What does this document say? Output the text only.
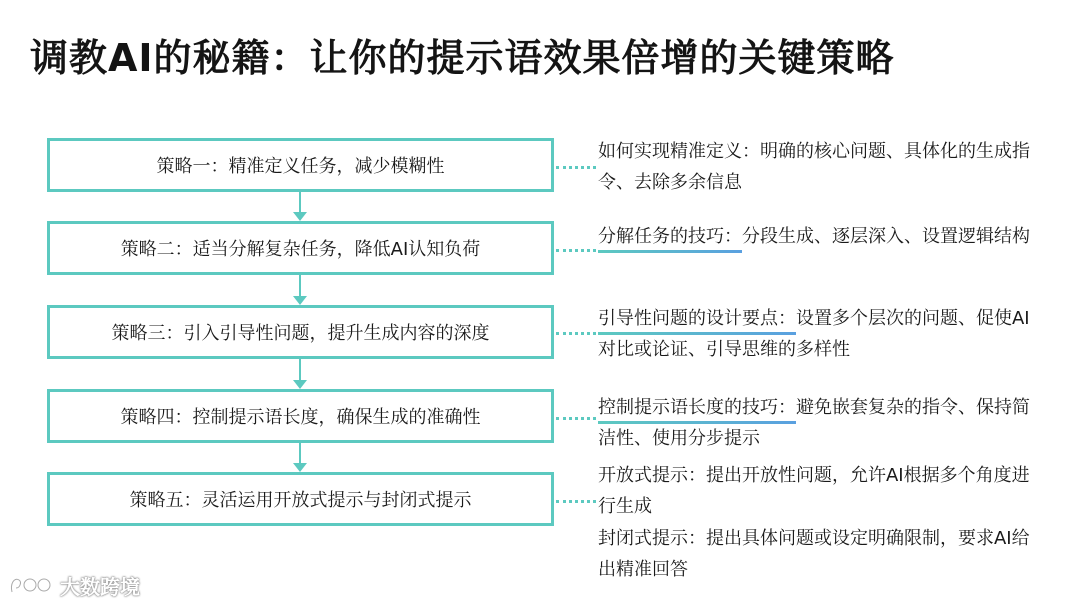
调教AI的秘籍：让你的提示语效果倍增的关键策略
策略一：精准定义任务，减少模糊性
策略二：适当分解复杂任务，降低AI认知负荷
策略三：引入引导性问题，提升生成内容的深度
策略四：控制提示语长度，确保生成的准确性
策略五：灵活运用开放式提示与封闭式提示
如何实现精准定义：明确的核心问题、具体化的生成指令、去除多余信息
分解任务的技巧：分段生成、逐层深入、设置逻辑结构
引导性问题的设计要点：设置多个层次的问题、促使AI对比或论证、引导思维的多样性
控制提示语长度的技巧：避免嵌套复杂的指令、保持简洁性、使用分步提示
开放式提示：提出开放性问题，允许AI根据多个角度进行生成
封闭式提示：提出具体问题或设定明确限制，要求AI给出精准回答
大数跨境
